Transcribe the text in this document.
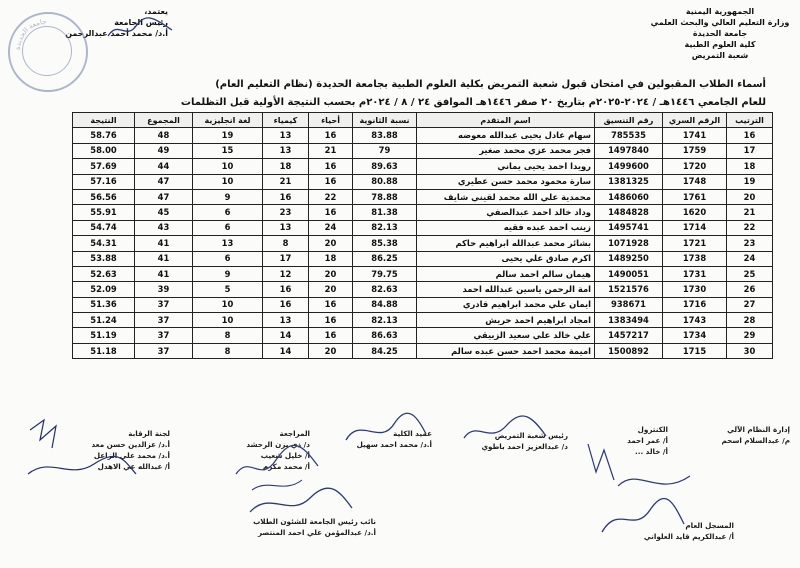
الجمهورية اليمنية
وزارة التعليم العالي والبحث العلمي
جامعة الحديدة
كلية العلوم الطبية
شعبة التمريض
يعتمد،
رئيس الجامعة
أ.د/ محمد أحمد عبدالرحمن
جامعة الحديدة
أسماء الطلاب المقبولين في امتحان قبول شعبة التمريض بكلية العلوم الطبية بجامعة الحديدة (نظام التعليم العام)
للعام الجامعي ١٤٤٦هـ / ٢٠٢٤-٢٠٢٥م بتاريخ ٢٠ صفر ١٤٤٦هـ الموافق ٢٤ / ٨ / ٢٠٢٤م بحسب النتيجة الأولية قبل التظلمات
الترتيب	الرقم السري	رقم التنسيق	اسم المتقدم	نسبة الثانوية	أحياء	كيمياء	لغة انجليزية	المجموع	النتيجة
16	1741	785535	سهام عادل يحيى عبدالله معوضه	83.88	16	13	19	48	58.76
17	1759	1497840	فجر محمد عزي محمد صغير	79	21	13	15	49	58.00
18	1720	1499600	رويدا احمد يحيى يماني	89.63	16	18	10	44	57.69
19	1748	1381325	سارة محمود محمد حسن عطيري	80.88	16	21	10	47	57.16
20	1761	1486060	محمدية علي الله محمد لقيني شايف	78.88	22	16	9	47	56.56
21	1620	1484828	وداد خالد احمد عبدالصفي	81.38	16	23	6	45	55.91
22	1714	1495741	زينب احمد عبده فقيه	82.13	24	13	6	43	54.74
23	1721	1071928	بشائر محمد عبدالله ابراهيم حاكم	85.38	20	8	13	41	54.31
24	1738	1489250	اكرم صادق علي يحيى	86.25	18	17	6	41	53.88
25	1731	1490051	هيمان سالم احمد سالم	79.75	20	12	9	41	52.63
26	1730	1521576	امة الرحمن ياسين عبدالله احمد	82.63	20	16	5	39	52.09
27	1716	938671	ايمان علي محمد ابراهيم قادري	84.88	16	16	10	37	51.36
28	1743	1383494	امجاد ابراهيم احمد حريش	82.13	16	13	10	37	51.24
29	1734	1457217	علي خالد علي سعيد الزبيقي	86.63	16	14	8	37	51.19
30	1715	1500892	اميمة محمد احمد حسن عبده سالم	84.25	20	14	8	37	51.18
إدارة النظام الآلي
م/ عبدالسلام اسحم
الكنترول
أ/ عمر احمد
أ/ خالد ...
رئيس شعبة التمريض
د/ عبدالعزيز احمد باطوي
عميد الكلية
أ.د/ محمد احمد سهيل
المراجعة
د/ ذي يزن الرحشد
أ/ خليل شعيب
أ/ محمد مكرم
لجنة الرقابة
أ.د/ عزالدين حسن معد
أ.د/ محمد علي الزاعل
أ/ عبدالله عي الاهدل
نائب رئيس الجامعة للشئون الطلاب
أ.د/ عبدالمؤمن علي احمد المنتصر
المسجل العام
أ/ عبدالكريم قايد العلواني
